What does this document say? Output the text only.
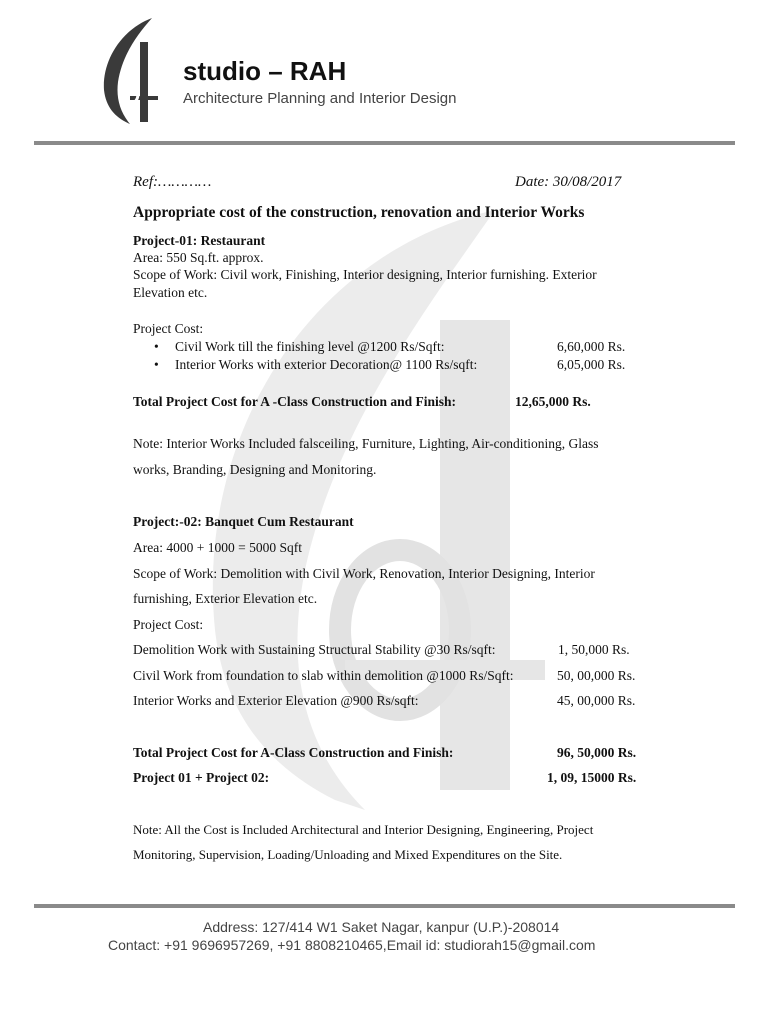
studio – RAH
Architecture Planning and Interior Design
Ref:…………	Date: 30/08/2017
Appropriate cost of the construction, renovation and Interior Works
Project-01: Restaurant
Area: 550 Sq.ft. approx.
Scope of Work: Civil work, Finishing, Interior designing, Interior furnishing. Exterior
Elevation etc.
Project Cost:
• Civil Work till the finishing level @1200 Rs/Sqft:	6,60,000 Rs.
• Interior Works with exterior Decoration@ 1100 Rs/sqft:	6,05,000 Rs.
Total Project Cost for A -Class Construction and Finish:	12,65,000 Rs.
Note: Interior Works Included falsceiling, Furniture, Lighting, Air-conditioning, Glass
works, Branding, Designing and Monitoring.
Project:-02: Banquet Cum Restaurant
Area: 4000 + 1000 = 5000 Sqft
Scope of Work: Demolition with Civil Work, Renovation, Interior Designing, Interior
furnishing, Exterior Elevation etc.
Project Cost:
Demolition Work with Sustaining Structural Stability @30 Rs/sqft:	1, 50,000 Rs.
Civil Work from foundation to slab within demolition @1000 Rs/Sqft:	50, 00,000 Rs.
Interior Works and Exterior Elevation @900 Rs/sqft:	45, 00,000 Rs.
Total Project Cost for A-Class Construction and Finish:	96, 50,000 Rs.
Project 01 + Project 02:	1, 09, 15000 Rs.
Note: All the Cost is Included Architectural and Interior Designing, Engineering, Project
Monitoring, Supervision, Loading/Unloading and Mixed Expenditures on the Site.
Address: 127/414 W1 Saket Nagar, kanpur (U.P.)-208014
Contact: +91 9696957269, +91 8808210465,Email id: studiorah15@gmail.com
